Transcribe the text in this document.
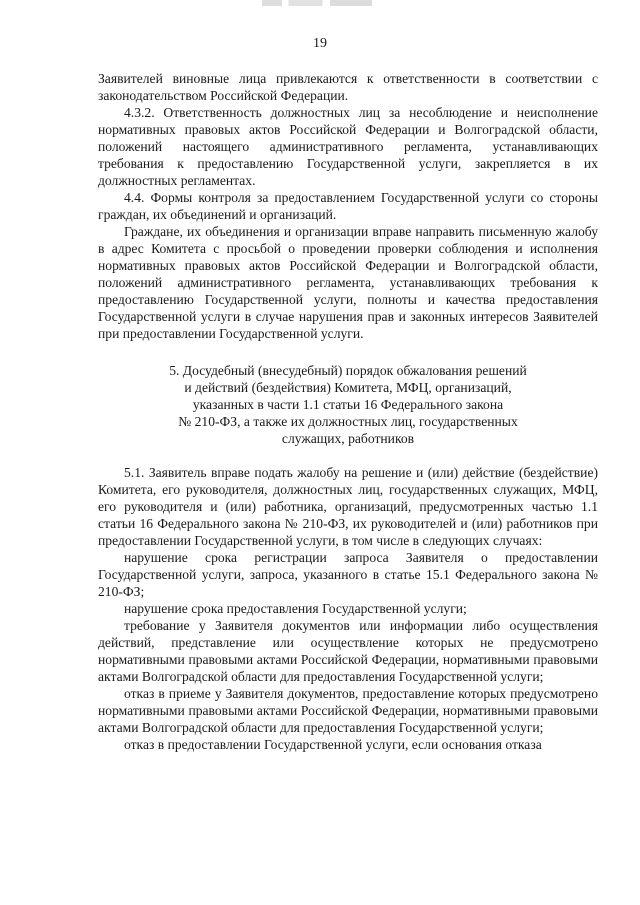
19

Заявителей виновные лица привлекаются к ответственности в соответствии с законодательством Российской Федерации.

4.3.2. Ответственность должностных лиц за несоблюдение и неисполнение нормативных правовых актов Российской Федерации и Волгоградской области, положений настоящего административного регламента, устанавливающих требования к предоставлению Государственной услуги, закрепляется в их должностных регламентах.

4.4. Формы контроля за предоставлением Государственной услуги со стороны граждан, их объединений и организаций.

Граждане, их объединения и организации вправе направить письменную жалобу в адрес Комитета с просьбой о проведении проверки соблюдения и исполнения нормативных правовых актов Российской Федерации и Волгоградской области, положений административного регламента, устанавливающих требования к предоставлению Государственной услуги, полноты и качества предоставления Государственной услуги в случае нарушения прав и законных интересов Заявителей при предоставлении Государственной услуги.

5. Досудебный (внесудебный) порядок обжалования решений
и действий (бездействия) Комитета, МФЦ, организаций,
указанных в части 1.1 статьи 16 Федерального закона
№ 210-ФЗ, а также их должностных лиц, государственных
служащих, работников

5.1. Заявитель вправе подать жалобу на решение и (или) действие (бездействие) Комитета, его руководителя, должностных лиц, государственных служащих, МФЦ, его руководителя и (или) работника, организаций, предусмотренных частью 1.1 статьи 16 Федерального закона № 210-ФЗ, их руководителей и (или) работников при предоставлении Государственной услуги, в том числе в следующих случаях:

нарушение срока регистрации запроса Заявителя о предоставлении Государственной услуги, запроса, указанного в статье 15.1 Федерального закона № 210-ФЗ;

нарушение срока предоставления Государственной услуги;

требование у Заявителя документов или информации либо осуществления действий, представление или осуществление которых не предусмотрено нормативными правовыми актами Российской Федерации, нормативными правовыми актами Волгоградской области для предоставления Государственной услуги;

отказ в приеме у Заявителя документов, предоставление которых предусмотрено нормативными правовыми актами Российской Федерации, нормативными правовыми актами Волгоградской области для предоставления Государственной услуги;

отказ в предоставлении Государственной услуги, если основания отказа
